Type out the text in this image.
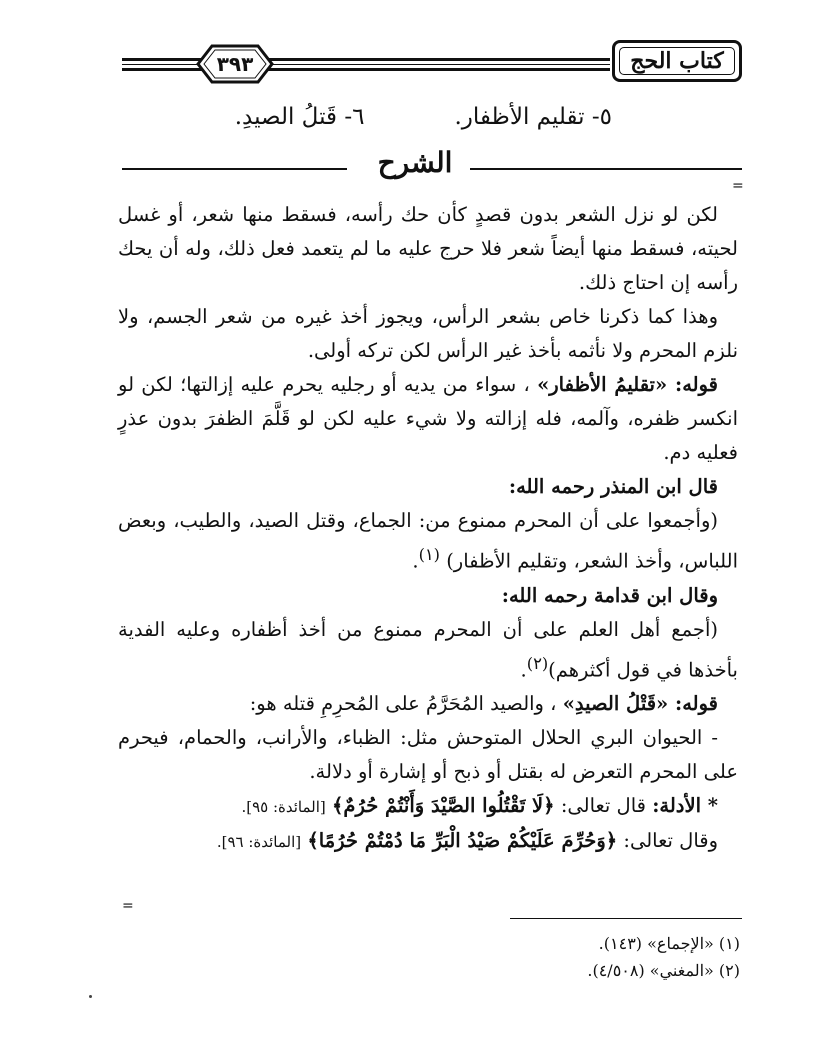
٣٩٣	كتاب الحج
٥- تقليم الأظفار.٦- قَتلُ الصيدِ.
الشرح
=

لكن لو نزل الشعر بدون قصدٍ كأن حك رأسه، فسقط منها شعر، أو غسل لحيته، فسقط منها أيضاً شعر فلا حرج عليه ما لم يتعمد فعل ذلك، وله أن يحك رأسه إن احتاج ذلك.

وهذا كما ذكرنا خاص بشعر الرأس، ويجوز أخذ غيره من شعر الجسم، ولا نلزم المحرم ولا نأثمه بأخذ غير الرأس لكن تركه أولى.

قوله: «تقليمُ الأظفار» ، سواء من يديه أو رجليه يحرم عليه إزالتها؛ لكن لو انكسر ظفره، وآلمه، فله إزالته ولا شيء عليه لكن لو قَلَّمَ الظفرَ بدون عذرٍ فعليه دم.

قال ابن المنذر رحمه الله:

(وأجمعوا على أن المحرم ممنوع من: الجماع، وقتل الصيد، والطيب، وبعض اللباس، وأخذ الشعر، وتقليم الأظفار) $^{(١)}$.

وقال ابن قدامة رحمه الله:

(أجمع أهل العلم على أن المحرم ممنوع من أخذ أظفاره وعليه الفدية بأخذها في قول أكثرهم)$^{(٢)}$.

قوله: «قَتْلُ الصيدِ» ، والصيد المُحَرَّمُ على المُحرِمِ قتله هو:

- الحيوان البري الحلال المتوحش مثل: الظباء، والأرانب، والحمام، فيحرم على المحرم التعرض له بقتل أو ذبح أو إشارة أو دلالة.

* الأدلة: قال تعالى: ﴿لَا تَقْتُلُوا الصَّيْدَ وَأَنْتُمْ حُرُمٌ﴾ [المائدة: ٩٥].

وقال تعالى: ﴿وَحُرِّمَ عَلَيْكُمْ صَيْدُ الْبَرِّ مَا دُمْتُمْ حُرُمًا﴾ [المائدة: ٩٦].

=
(١) «الإجماع» (١٤٣).
(٢) «المغني» (٤/٥٠٨).
